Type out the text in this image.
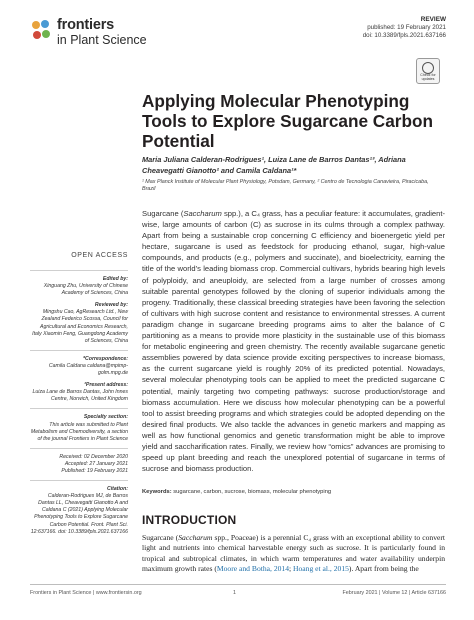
frontiers
in Plant Science
REVIEW
published: 19 February 2021
doi: 10.3389/fpls.2021.637166
Check for updates
Applying Molecular Phenotyping Tools to Explore Sugarcane Carbon Potential
Maria Juliana Calderan-Rodrigues¹, Luiza Lane de Barros Dantas¹³, Adriana Cheavegatti Gianotto² and Camila Caldana¹*
¹ Max Planck Institute of Molecular Plant Physiology, Potsdam, Germany, ² Centro de Tecnologia Canavieira, Piracicaba, Brazil
Sugarcane (Saccharum spp.), a C₄ grass, has a peculiar feature: it accumulates, gradient-wise, large amounts of carbon (C) as sucrose in its culms through a complex pathway. Apart from being a sustainable crop concerning C efficiency and bioenergetic yield per hectare, sugarcane is used as feedstock for producing ethanol, sugar, high-value compounds, and products (e.g., polymers and succinate), and bioelectricity, earning the title of the world’s leading biomass crop. Commercial cultivars, hybrids bearing high levels of polyploidy, and aneuploidy, are selected from a large number of crosses among suitable parental genotypes followed by the cloning of superior individuals among the progeny. Traditionally, these classical breeding strategies have been favoring the selection of cultivars with high sucrose content and resistance to environmental stresses. A current paradigm change in sugarcane breeding programs aims to alter the balance of C partitioning as a means to provide more plasticity in the sustainable use of this biomass for metabolic engineering and green chemistry. The recently available sugarcane genetic assemblies powered by data science provide exciting perspectives to increase biomass, as the current sugarcane yield is roughly 20% of its predicted potential. Nowadays, several molecular phenotyping tools can be applied to meet the predicted sugarcane C potential, mainly targeting two competing pathways: sucrose production/storage and biomass accumulation. Here we discuss how molecular phenotyping can be a powerful tool to assist breeding programs and which strategies could be adopted depending on the desired final products. We also tackle the advances in genetic markers and mapping as well as how functional genomics and genetic transformation might be able to improve yield and saccharification rates. Finally, we review how “omics” advances are promising to speed up plant breeding and reach the unexplored potential of sugarcane in terms of sucrose and biomass production.
Keywords: sugarcane, carbon, sucrose, biomass, molecular phenotyping
INTRODUCTION
Sugarcane (Saccharum spp., Poaceae) is a perennial C₄ grass with an exceptional ability to convert light and nutrients into chemical harvestable energy such as sucrose. It is particularly found in tropical and subtropical climates, in which warm temperatures and water availability underpin maximum growth rates (Moore and Botha, 2014; Hoang et al., 2015). Apart from being the
OPEN ACCESS
Edited by:
Xinguang Zhu, University of Chinese Academy of Sciences, China
Reviewed by:
Mingshu Cao, AgResearch Ltd., New Zealand Federico Scossa, Council for Agricultural and Economics Research, Italy Xiaomin Feng, Guangdong Academy of Sciences, China
*Correspondence:
Camila Caldana caldana@mpimp-golm.mpg.de
³Present address:
Luiza Lane de Barros Dantas, John Innes Centre, Norwich, United Kingdom
Specialty section:
This article was submitted to Plant Metabolism and Chemodiversity, a section of the journal Frontiers in Plant Science
Received: 02 December 2020
Accepted: 27 January 2021
Published: 19 February 2021
Citation:
Calderan-Rodrigues MJ, de Barros Dantas LL, Cheavegatti Gianotto A and Caldana C (2021) Applying Molecular Phenotyping Tools to Explore Sugarcane Carbon Potential. Front. Plant Sci. 12:637166. doi: 10.3389/fpls.2021.637166
Frontiers in Plant Science | www.frontiersin.org	1	February 2021 | Volume 12 | Article 637166
